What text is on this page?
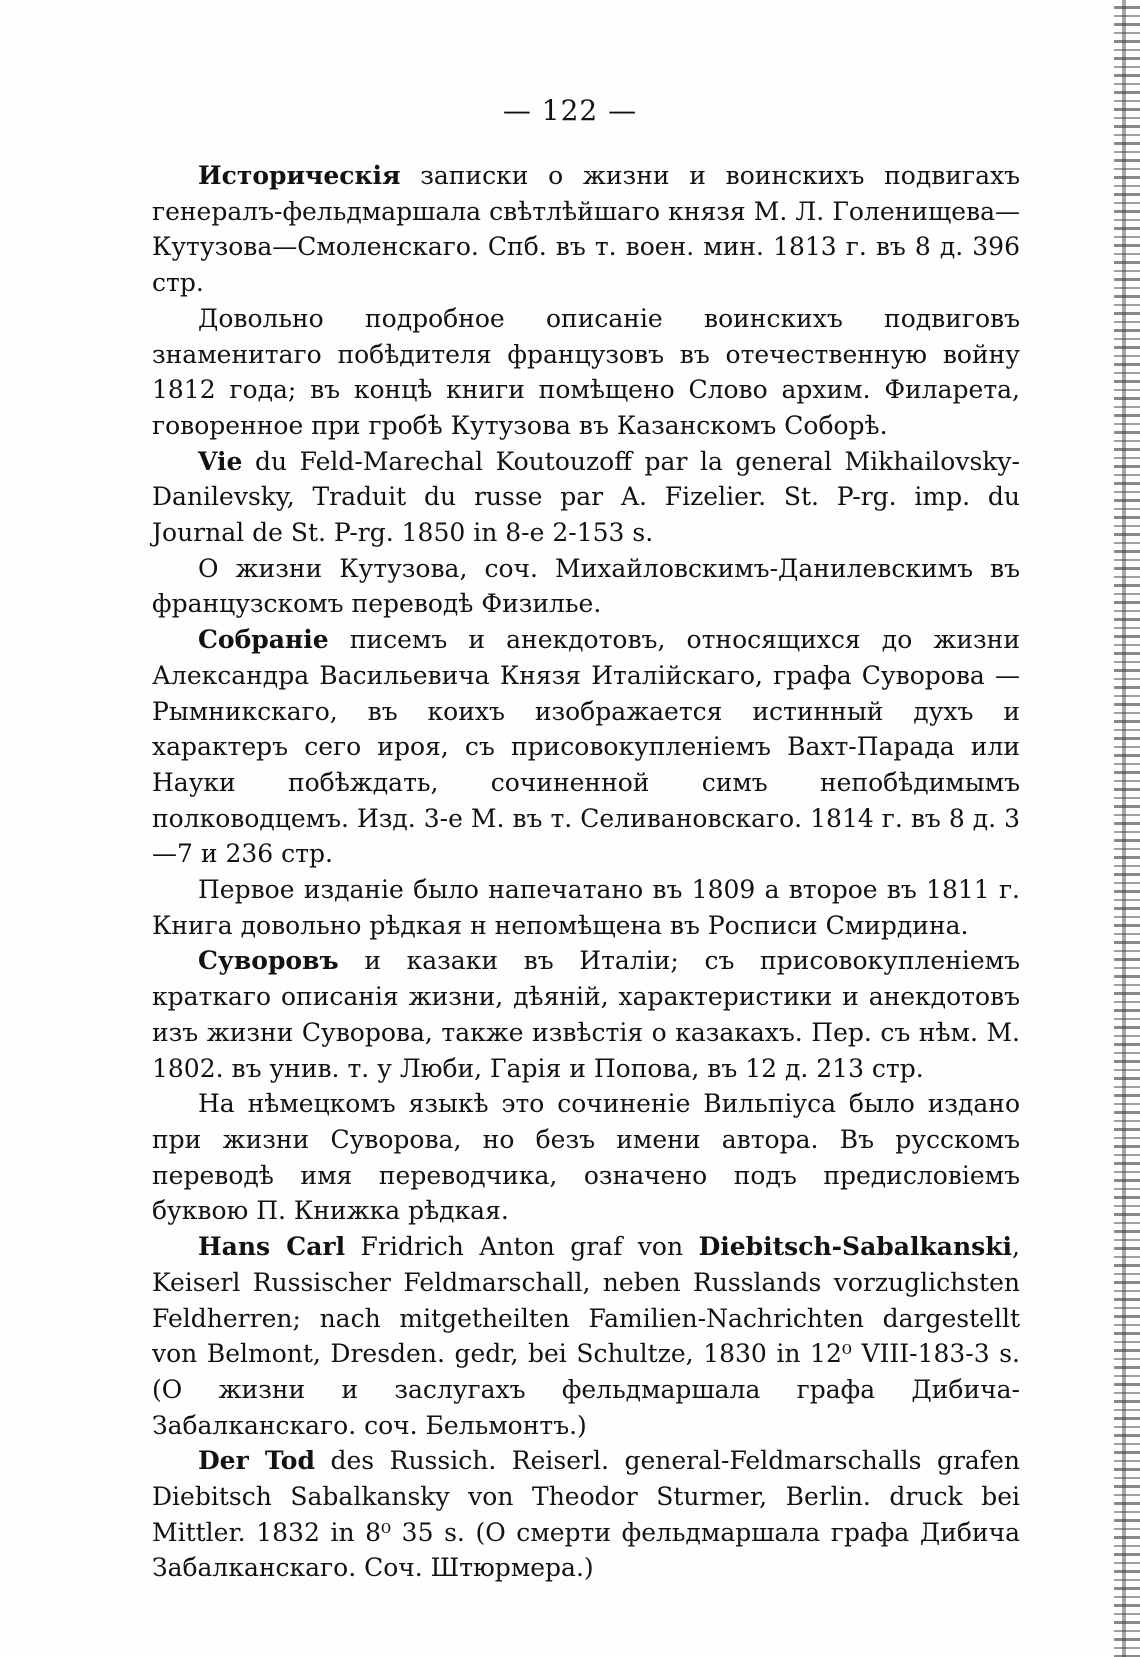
— 122 —

Историческія записки о жизни и воинскихъ подвигахъ генералъ-фельдмаршала свѣтлѣйшаго князя М. Л. Голенищева—Кутузова—Смоленскаго. Спб. въ т. воен. мин. 1813 г. въ 8 д. 396 стр.

Довольно подробное описаніе воинскихъ подвиговъ знаменитаго побѣдителя французовъ въ отечественную войну 1812 года; въ концѣ книги помѣщено Слово архим. Филарета, говоренное при гробѣ Кутузова въ Казанскомъ Соборѣ.

Vie du Feld-Marechal Koutouzoff par la general Mikhailovsky-Danilevsky, Traduit du russe par A. Fizelier. St. P-rg. imp. du Journal de St. P-rg. 1850 in 8-e 2-153 s.

О жизни Кутузова, соч. Михайловскимъ-Данилевскимъ въ французскомъ переводѣ Физилье.

Собраніе писемъ и анекдотовъ, относящихся до жизни Александра Васильевича Князя Италійскаго, графа Суворова — Рымникскаго, въ коихъ изображается истинный духъ и характеръ сего ироя, съ присовокупленіемъ Вахт-Парада или Науки побѣждать, сочиненной симъ непобѣдимымъ полководцемъ. Изд. 3-е М. въ т. Селивановскаго. 1814 г. въ 8 д. 3—7 и 236 стр.

Первое изданіе было напечатано въ 1809 а второе въ 1811 г. Книга довольно рѣдкая н непомѣщена въ Росписи Смирдина.

Суворовъ и казаки въ Италіи; съ присовокупленіемъ краткаго описанія жизни, дѣяній, характеристики и анекдотовъ изъ жизни Суворова, также извѣстія о казакахъ. Пер. съ нѣм. М. 1802. въ унив. т. у Люби, Гарія и Попова, въ 12 д. 213 стр.

На нѣмецкомъ языкѣ это сочиненіе Вильпіуса было издано при жизни Суворова, но безъ имени автора. Въ русскомъ переводѣ имя переводчика, означено подъ предисловіемъ буквою П. Книжка рѣдкая.

Hans Carl Fridrich Anton graf von Diebitsch-Sabalkanski, Keiserl Russischer Feldmarschall, neben Russlands vorzuglichsten Feldherren; nach mitgetheilten Familien-Nachrichten dargestellt von Belmont, Dresden. gedr, bei Schultze, 1830 in 12⁰ VIII-183-3 s. (О жизни и заслугахъ фельдмаршала графа Дибича-Забалканскаго. соч. Бельмонтъ.)

Der Tod des Russich. Reiserl. general-Feldmarschalls grafen Diebitsch Sabalkansky von Theodor Sturmer, Berlin. druck bei Mittler. 1832 in 8⁰ 35 s. (О смерти фельдмаршала графа Дибича Забалканскаго. Соч. Штюрмера.)
